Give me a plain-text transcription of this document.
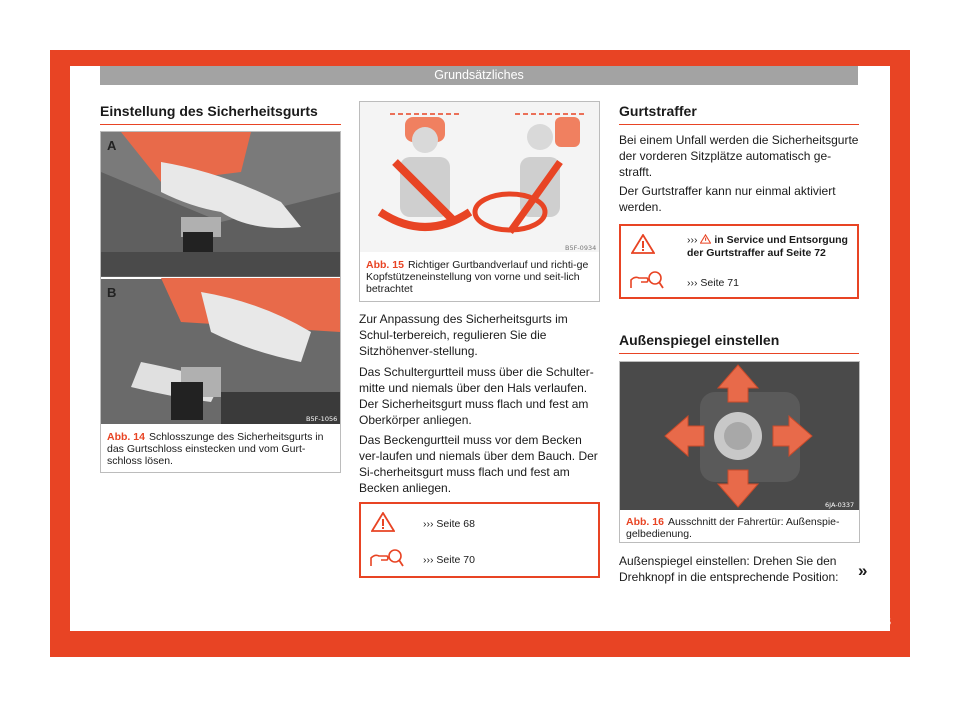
Grundsätzliches
Einstellung des Sicherheitsgurts
A
B
B5F-1056
Abb. 14 Schlosszunge des Sicherheitsgurts in das Gurtschloss einstecken und vom Gurt-schloss lösen.
B5F-0934
Abb. 15 Richtiger Gurtbandverlauf und richti-ge Kopfstützeneinstellung von vorne und seit-lich betrachtet
Zur Anpassung des Sicherheitsgurts im Schul-terbereich, regulieren Sie die Sitzhöhenver-stellung.
Das Schultergurtteil muss über die Schulter-mitte und niemals über den Hals verlaufen. Der Sicherheitsgurt muss flach und fest am Oberkörper anliegen.
Das Beckengurtteil muss vor dem Becken ver-laufen und niemals über dem Bauch. Der Si-cherheitsgurt muss flach und fest am Becken anliegen.
››› Seite 68
››› Seite 70
Gurtstraffer
Bei einem Unfall werden die Sicherheitsgurte der vorderen Sitzplätze automatisch ge-strafft.
Der Gurtstraffer kann nur einmal aktiviert werden.
››› in Service und Entsorgung der Gurtstraffer auf Seite 72
››› Seite 71
Außenspiegel einstellen
6JA-0337
Abb. 16 Ausschnitt der Fahrertür: Außenspie-gelbedienung.
Außenspiegel einstellen: Drehen Sie den Drehknopf in die entsprechende Position:	»
15
